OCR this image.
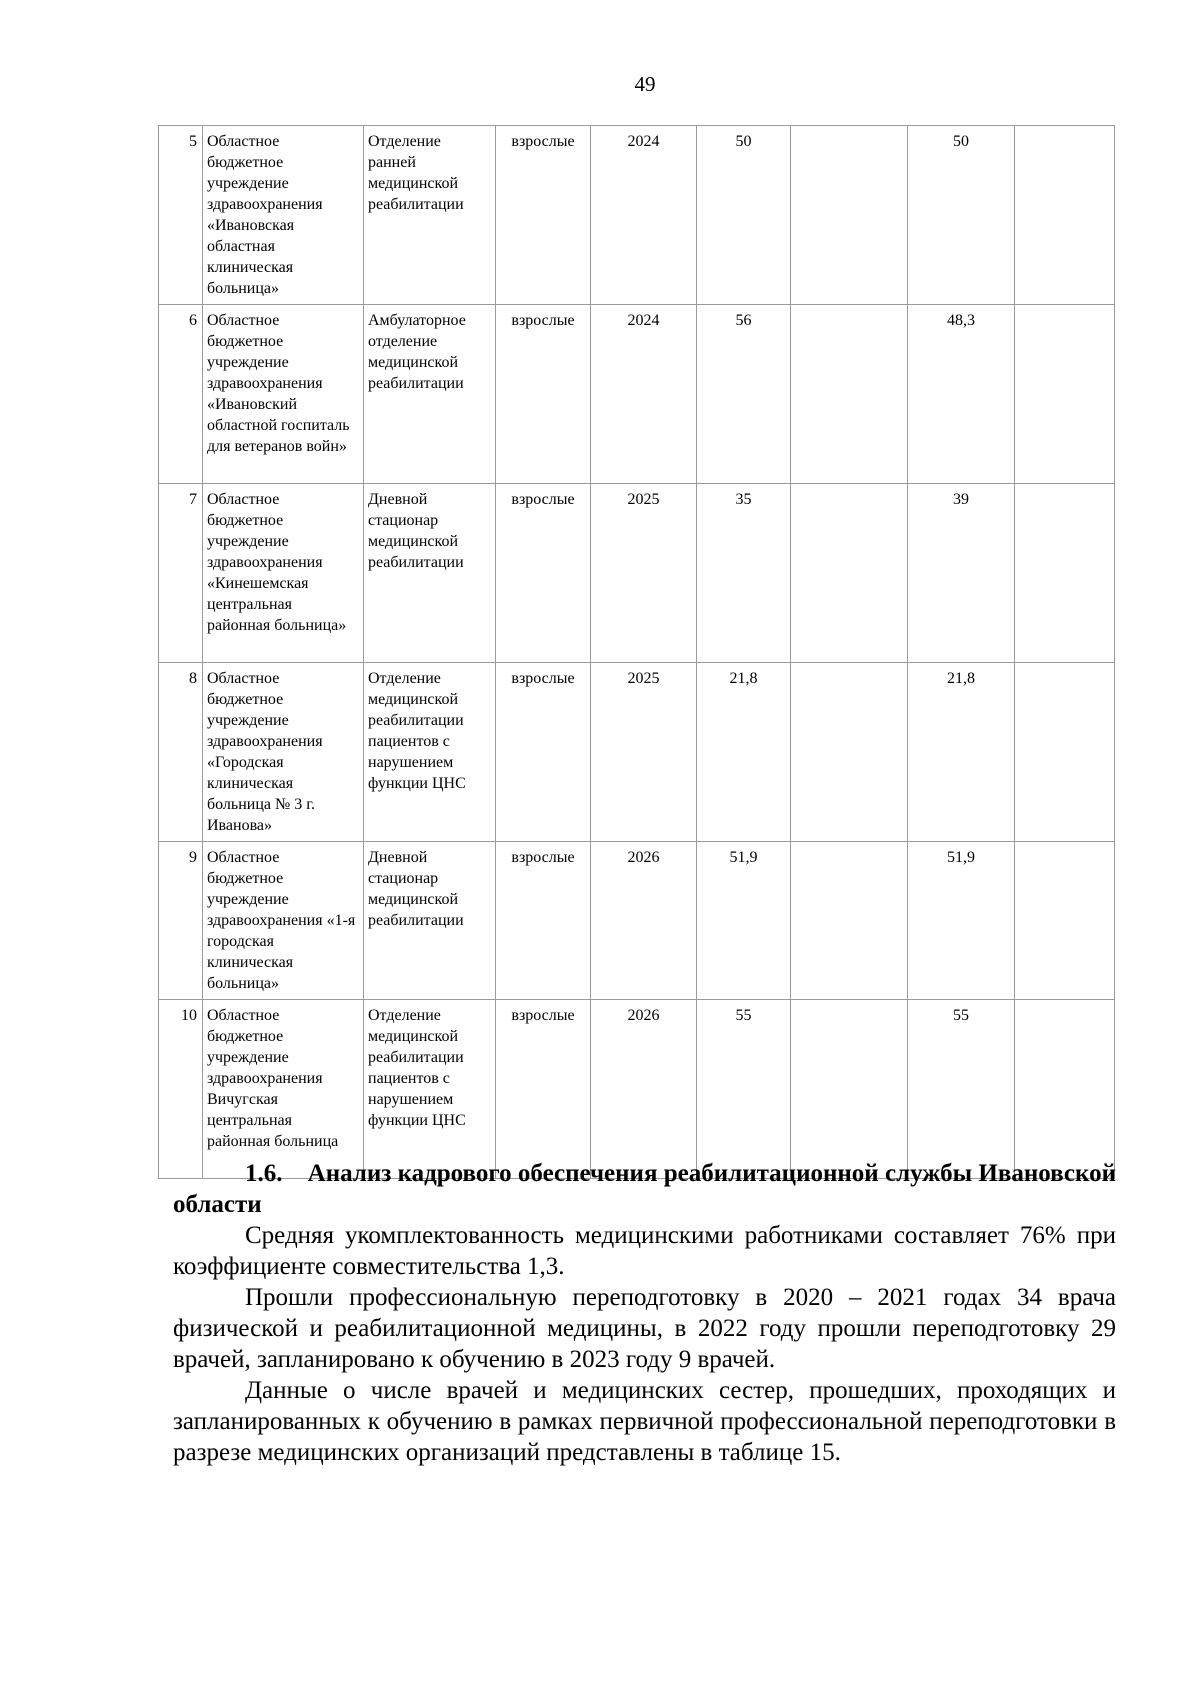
49
5	Областное бюджетное учреждение здравоохранения «Ивановская областная клиническая больница»	Отделение ранней медицинской реабилитации	взрослые	2024	50		50	
6	Областное бюджетное учреждение здравоохранения «Ивановский областной госпиталь для ветеранов войн»	Амбулаторное отделение медицинской реабилитации	взрослые	2024	56		48,3	
7	Областное бюджетное учреждение здравоохранения «Кинешемская центральная районная больница»	Дневной стационар медицинской реабилитации	взрослые	2025	35		39	
8	Областное бюджетное учреждение здравоохранения «Городская клиническая больница № 3 г. Иванова»	Отделение медицинской реабилитации пациентов с нарушением функции ЦНС	взрослые	2025	21,8		21,8	
9	Областное бюджетное учреждение здравоохранения «1-я городская клиническая больница»	Дневной стационар медицинской реабилитации	взрослые	2026	51,9		51,9	
10	Областное бюджетное учреждение здравоохранения Вичугская центральная районная больница	Отделение медицинской реабилитации пациентов с нарушением функции ЦНС	взрослые	2026	55		55	

1.6. Анализ кадрового обеспечения реабилитационной службы Ивановской области

Средняя укомплектованность медицинскими работниками составляет 76% при коэффициенте совместительства 1,3.

Прошли профессиональную переподготовку в 2020 – 2021 годах 34 врача физической и реабилитационной медицины, в 2022 году прошли переподготовку 29 врачей, запланировано к обучению в 2023 году 9 врачей.

Данные о числе врачей и медицинских сестер, прошедших, проходящих и запланированных к обучению в рамках первичной профессиональной переподготовки в разрезе медицинских организаций представлены в таблице 15.
